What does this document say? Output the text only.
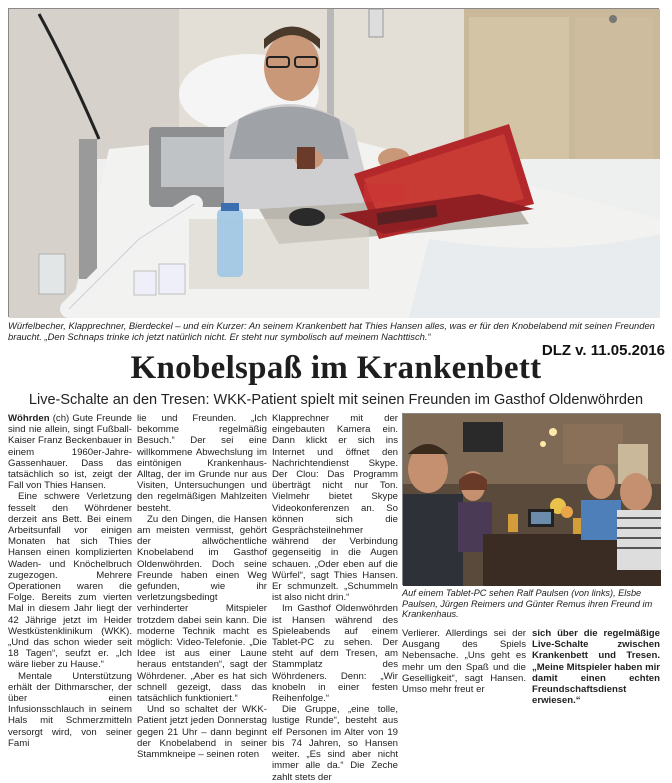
Würfelbecher, Klapprechner, Bierdeckel – und ein Kurzer: An seinem Krankenbett hat Thies Hansen alles, was er für den Knobelabend mit seinen Freunden braucht. „Den Schnaps trinke ich jetzt natürlich nicht. Er steht nur symbolisch auf meinem Nachttisch.“
DLZ v. 11.05.2016
Knobelspaß im Krankenbett
Live-Schalte an den Tresen: WKK-Patient spielt mit seinen Freunden im Gasthof Oldenwöhrden

Wöhrden (ch) Gute Freunde sind nie allein, singt Fußball-Kaiser Franz Beckenbauer in einem 1960er-Jahre-Gassenhauer. Dass das tatsächlich so ist, zeigt der Fall von Thies Hansen.

Eine schwere Verletzung fesselt den Wöhrdener derzeit ans Bett. Bei einem Arbeitsunfall vor einigen Monaten hat sich Thies Hansen einen komplizierten Waden- und Knöchelbruch zugezogen. Mehrere Operationen waren die Folge. Bereits zum vierten Mal in diesem Jahr liegt der 42 Jährige jetzt im Heider Westküstenklinikum (WKK). „Und das schon wieder seit 18 Tagen“, seufzt er. „Ich wäre lieber zu Hause.“

Mentale Unterstützung erhält der Dithmarscher, der über einen Infusionsschlauch in seinem Hals mit Schmerzmitteln versorgt wird, von seiner Fami

lie und Freunden. „Ich bekomme regelmäßig Besuch.“ Der sei eine willkommene Abwechslung im eintönigen Krankenhaus-Alltag, der im Grunde nur aus Visiten, Untersuchungen und den regelmäßigen Mahlzeiten besteht.

Zu den Dingen, die Hansen am meisten vermisst, gehört der allwöchentliche Knobelabend im Gasthof Oldenwöhrden. Doch seine Freunde haben einen Weg gefunden, wie ihr verletzungsbedingt verhinderter Mitspieler trotzdem dabei sein kann. Die moderne Technik macht es möglich: Video-Telefonie. „Die Idee ist aus einer Laune heraus entstanden“, sagt der Wöhrdener. „Aber es hat sich schnell gezeigt, dass das tatsächlich funktioniert.“

Und so schaltet der WKK-Patient jetzt jeden Donnerstag gegen 21 Uhr – dann beginnt der Knobelabend in seiner Stammkneipe – seinen roten

Klapprechner mit der eingebauten Kamera ein. Dann klickt er sich ins Internet und öffnet den Nachrichtendienst Skype. Der Clou: Das Programm überträgt nicht nur Ton. Vielmehr bietet Skype Videokonferenzen an. So können sich die Gesprächsteilnehmer während der Verbindung gegenseitig in die Augen schauen. „Oder eben auf die Würfel“, sagt Thies Hansen. Er schmunzelt. „Schummeln ist also nicht drin.“

Im Gasthof Oldenwöhrden ist Hansen während des Spieleabends auf einem Tablet-PC zu sehen. Der steht auf dem Tresen, am Stammplatz des Wöhrdeners. Denn: „Wir knobeln in einer festen Reihenfolge.“

Die Gruppe, „eine tolle, lustige Runde“, besteht aus elf Personen im Alter von 19 bis 74 Jahren, so Hansen weiter. „Es sind aber nicht immer alle da.“ Die Zeche zahlt stets der

Auf einem Tablet-PC sehen Ralf Paulsen (von links), Elsbe Paulsen, Jürgen Reimers und Günter Remus ihren Freund im Krankenhaus.

Verlierer. Allerdings sei der Ausgang des Spiels Nebensache. „Uns geht es mehr um den Spaß und die Geselligkeit“, sagt Hansen. Umso mehr freut er

sich über die regelmäßige Live-Schalte zwischen Krankenbett und Tresen. „Meine Mitspieler haben mir damit einen echten Freundschaftsdienst erwiesen.“
